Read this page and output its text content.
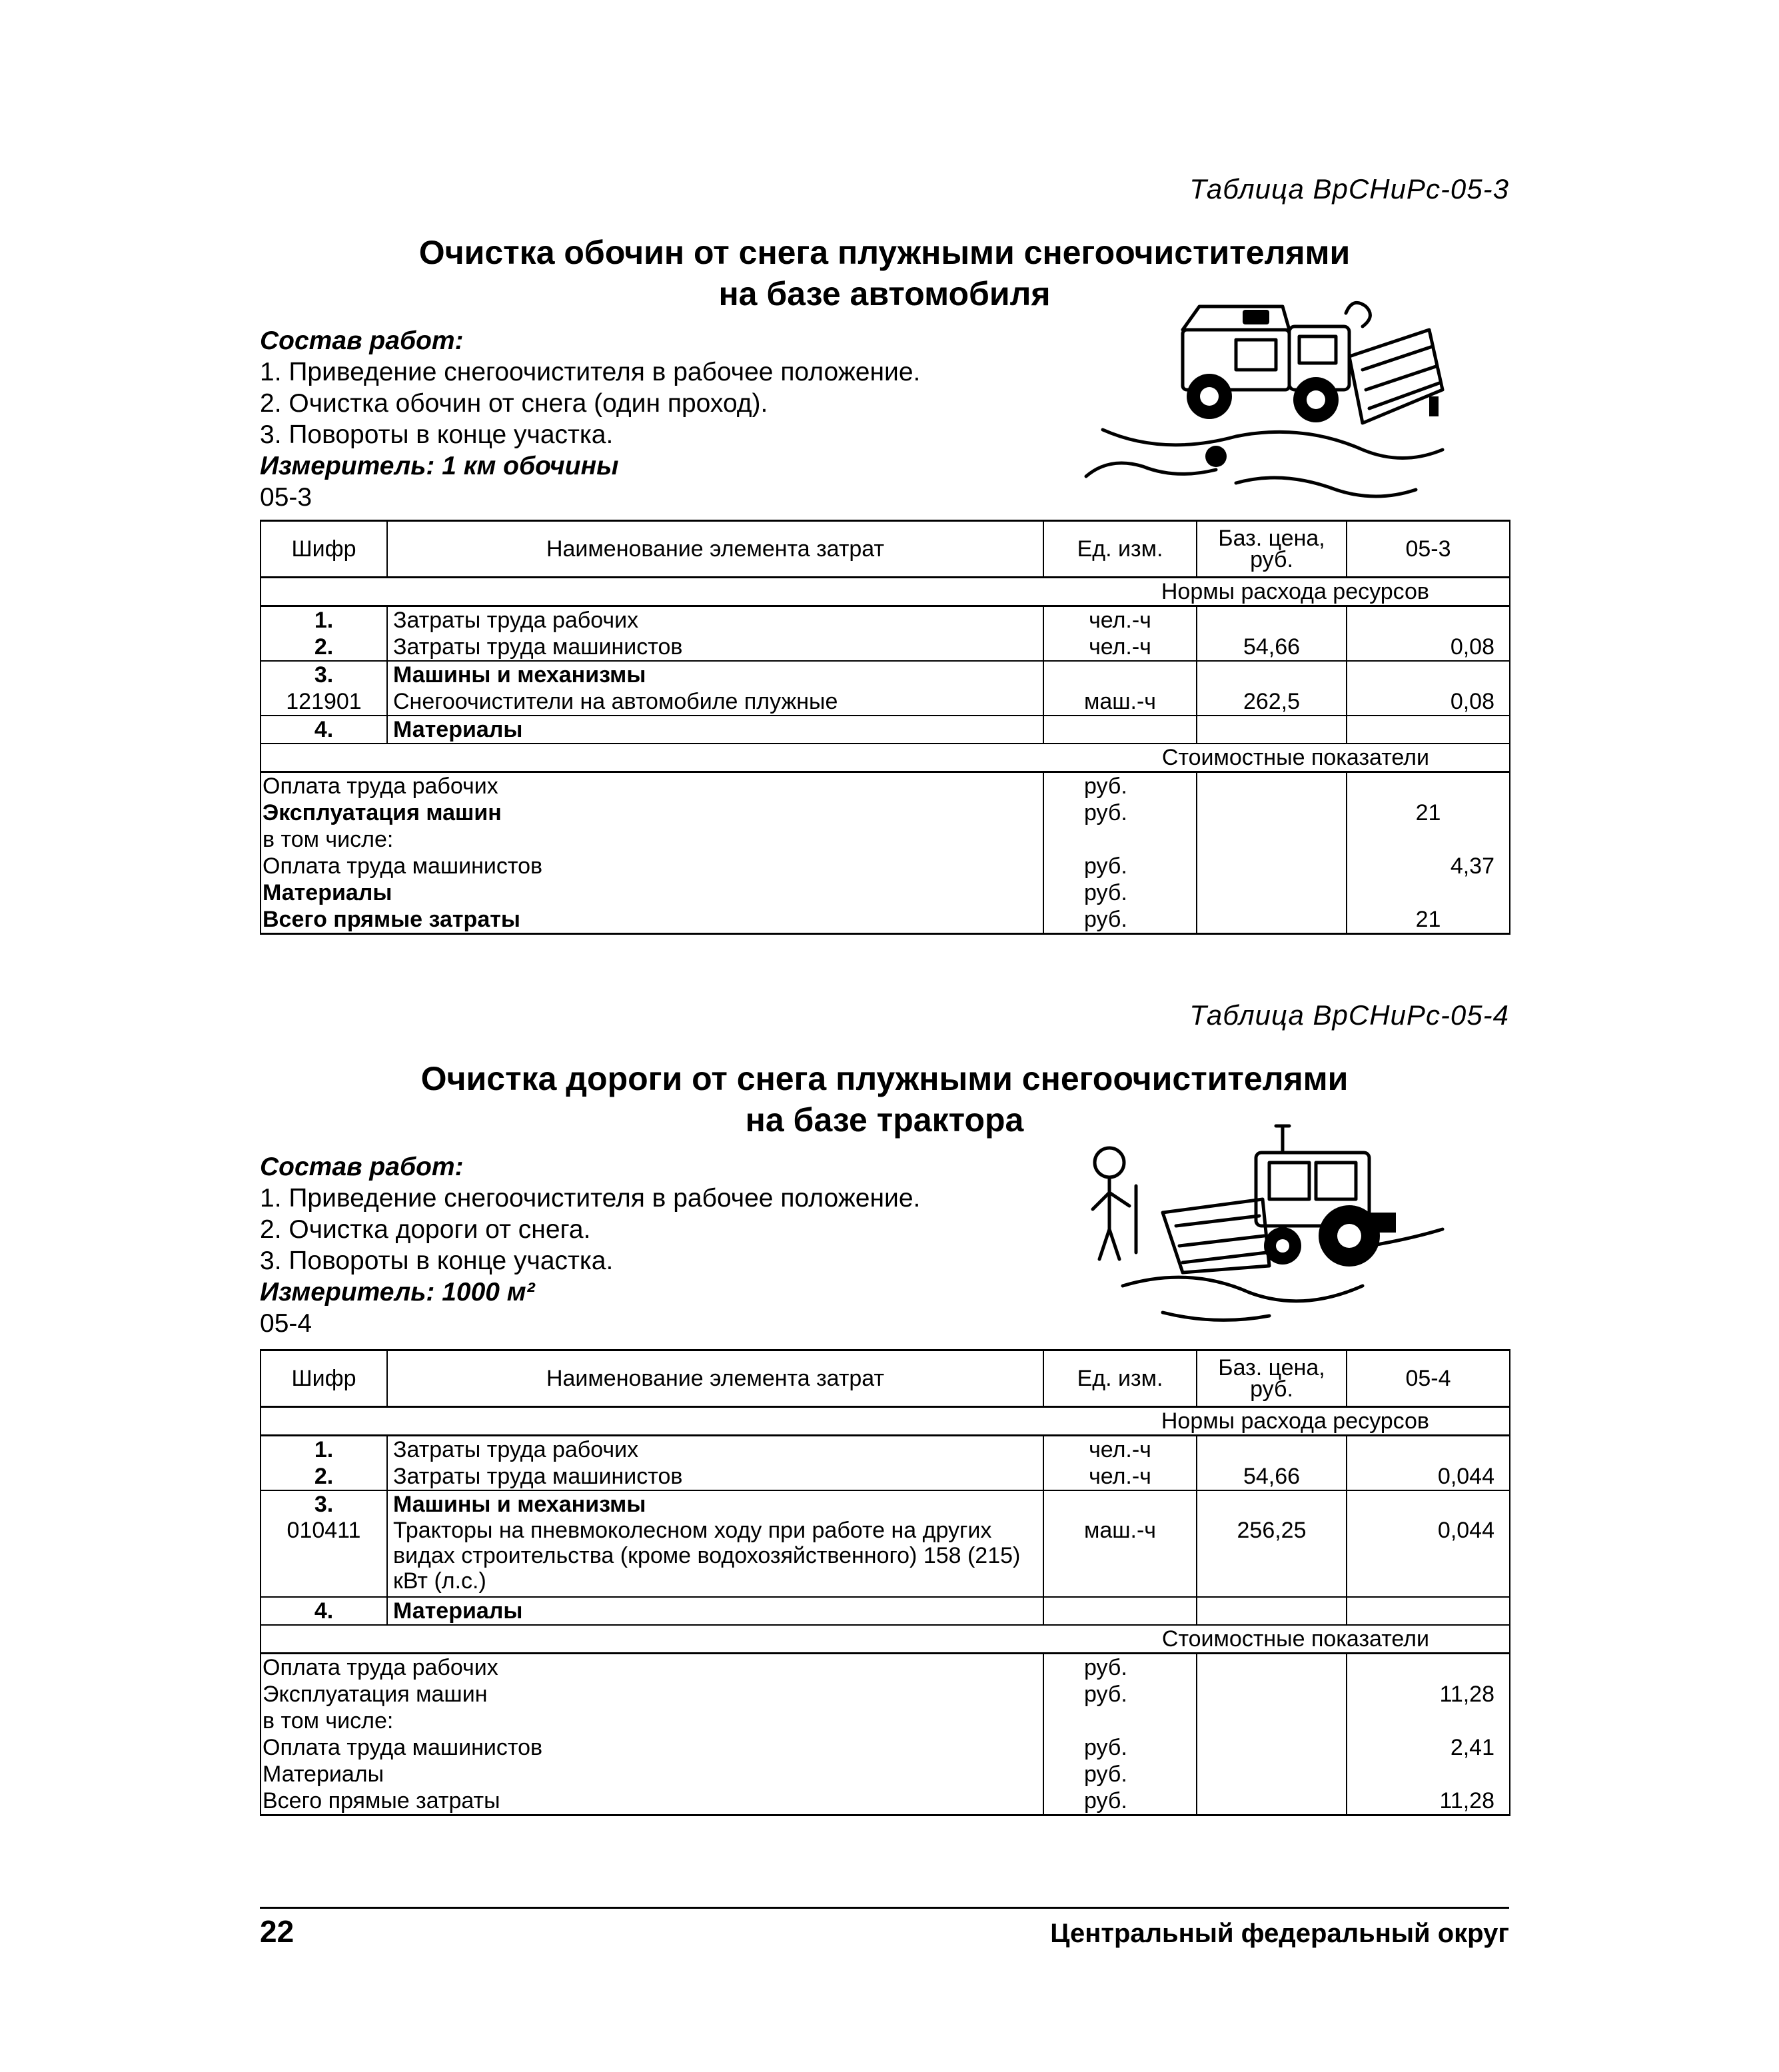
Таблица ВрСНиРс-05-3
Очистка обочин от снега плужными снегоочистителями
на базе автомобиля
Состав работ:
1. Приведение снегоочистителя в рабочее положение.
2. Очистка обочин от снега (один проход).
3. Повороты в конце участка.
Измеритель: 1 км обочины
05-3
Шифр	Наименование элемента затрат	Ед. изм.	Баз. цена, руб.	05-3
Нормы расхода ресурсов				
1.	Затраты труда рабочих	чел.-ч		
2.	Затраты труда машинистов	чел.-ч	54,66	0,08
3.	Машины и механизмы			
121901	Снегоочистители на автомобиле плужные	маш.-ч	262,5	0,08
4.	Материалы			
Стоимостные показатели				
Оплата труда рабочих		руб.		
Эксплуатация машин		руб.		21
в том числе:				
Оплата труда машинистов		руб.		4,37
Материалы		руб.		
Всего прямые затраты		руб.		21
Таблица ВрСНиРс-05-4
Очистка дороги от снега плужными снегоочистителями
на базе трактора
Состав работ:
1. Приведение снегоочистителя в рабочее положение.
2. Очистка дороги от снега.
3. Повороты в конце участка.
Измеритель: 1000 м²
05-4
Шифр	Наименование элемента затрат	Ед. изм.	Баз. цена, руб.	05-4
Нормы расхода ресурсов				
1.	Затраты труда рабочих	чел.-ч		
2.	Затраты труда машинистов	чел.-ч	54,66	0,044
3.	Машины и механизмы			
010411	Тракторы на пневмоколесном ходу при работе на других видах строительства (кроме водохозяйственного) 158 (215) кВт (л.с.)	маш.-ч	256,25	0,044
4.	Материалы			
Стоимостные показатели				
Оплата труда рабочих		руб.		
Эксплуатация машин		руб.		11,28
в том числе:				
Оплата труда машинистов		руб.		2,41
Материалы		руб.		
Всего прямые затраты		руб.		11,28
22	Центральный федеральный округ
